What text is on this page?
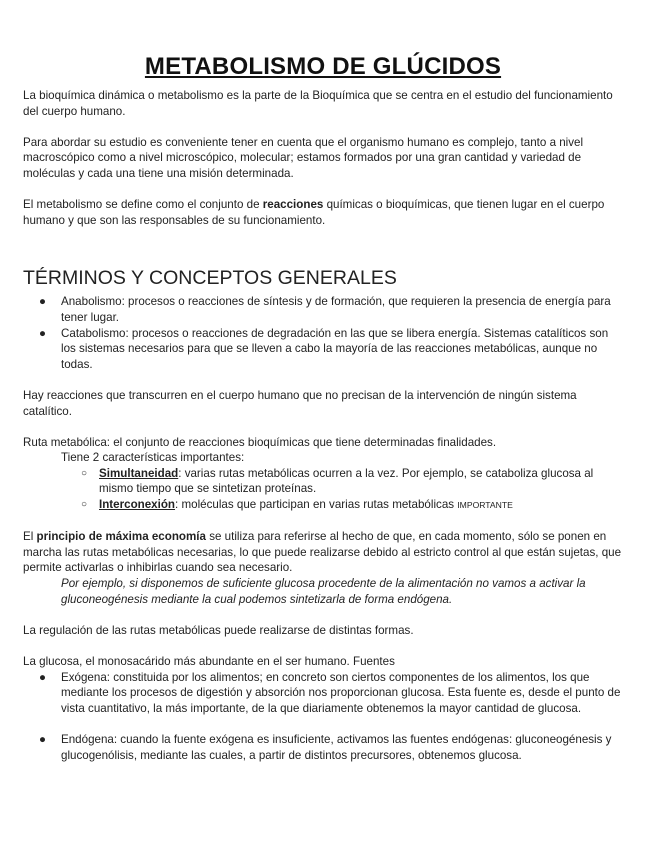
METABOLISMO DE GLÚCIDOS

La bioquímica dinámica o metabolismo es la parte de la Bioquímica que se centra en el estudio del funcionamiento del cuerpo humano.

Para abordar su estudio es conveniente tener en cuenta que el organismo humano es complejo, tanto a nivel macroscópico como a nivel microscópico, molecular; estamos formados por una gran cantidad y variedad de moléculas y cada una tiene una misión determinada.

El metabolismo se define como el conjunto de reacciones químicas o bioquímicas, que tienen lugar en el cuerpo humano y que son las responsables de su funcionamiento.

TÉRMINOS Y CONCEPTOS GENERALES
● Anabolismo: procesos o reacciones de síntesis y de formación, que requieren la presencia de energía para tener lugar.
● Catabolismo: procesos o reacciones de degradación en las que se libera energía. Sistemas catalíticos son los sistemas necesarios para que se lleven a cabo la mayoría de las reacciones metabólicas, aunque no todas.

Hay reacciones que transcurren en el cuerpo humano que no precisan de la intervención de ningún sistema catalítico.

Ruta metabólica: el conjunto de reacciones bioquímicas que tiene determinadas finalidades.

Tiene 2 características importantes:

○ Simultaneidad: varias rutas metabólicas ocurren a la vez. Por ejemplo, se cataboliza glucosa al mismo tiempo que se sintetizan proteínas.
○ Interconexión: moléculas que participan en varias rutas metabólicas IMPORTANTE

El principio de máxima economía se utiliza para referirse al hecho de que, en cada momento, sólo se ponen en marcha las rutas metabólicas necesarias, lo que puede realizarse debido al estricto control al que están sujetas, que permite activarlas o inhibirlas cuando sea necesario.

Por ejemplo, si disponemos de suficiente glucosa procedente de la alimentación no vamos a activar la gluconeogénesis mediante la cual podemos sintetizarla de forma endógena.

La regulación de las rutas metabólicas puede realizarse de distintas formas.

La glucosa, el monosacárido más abundante en el ser humano. Fuentes

● Exógena: constituida por los alimentos; en concreto son ciertos componentes de los alimentos, los que mediante los procesos de digestión y absorción nos proporcionan glucosa. Esta fuente es, desde el punto de vista cuantitativo, la más importante, de la que diariamente obtenemos la mayor cantidad de glucosa.
● Endógena: cuando la fuente exógena es insuficiente, activamos las fuentes endógenas: gluconeogénesis y glucogenólisis, mediante las cuales, a partir de distintos precursores, obtenemos glucosa.
